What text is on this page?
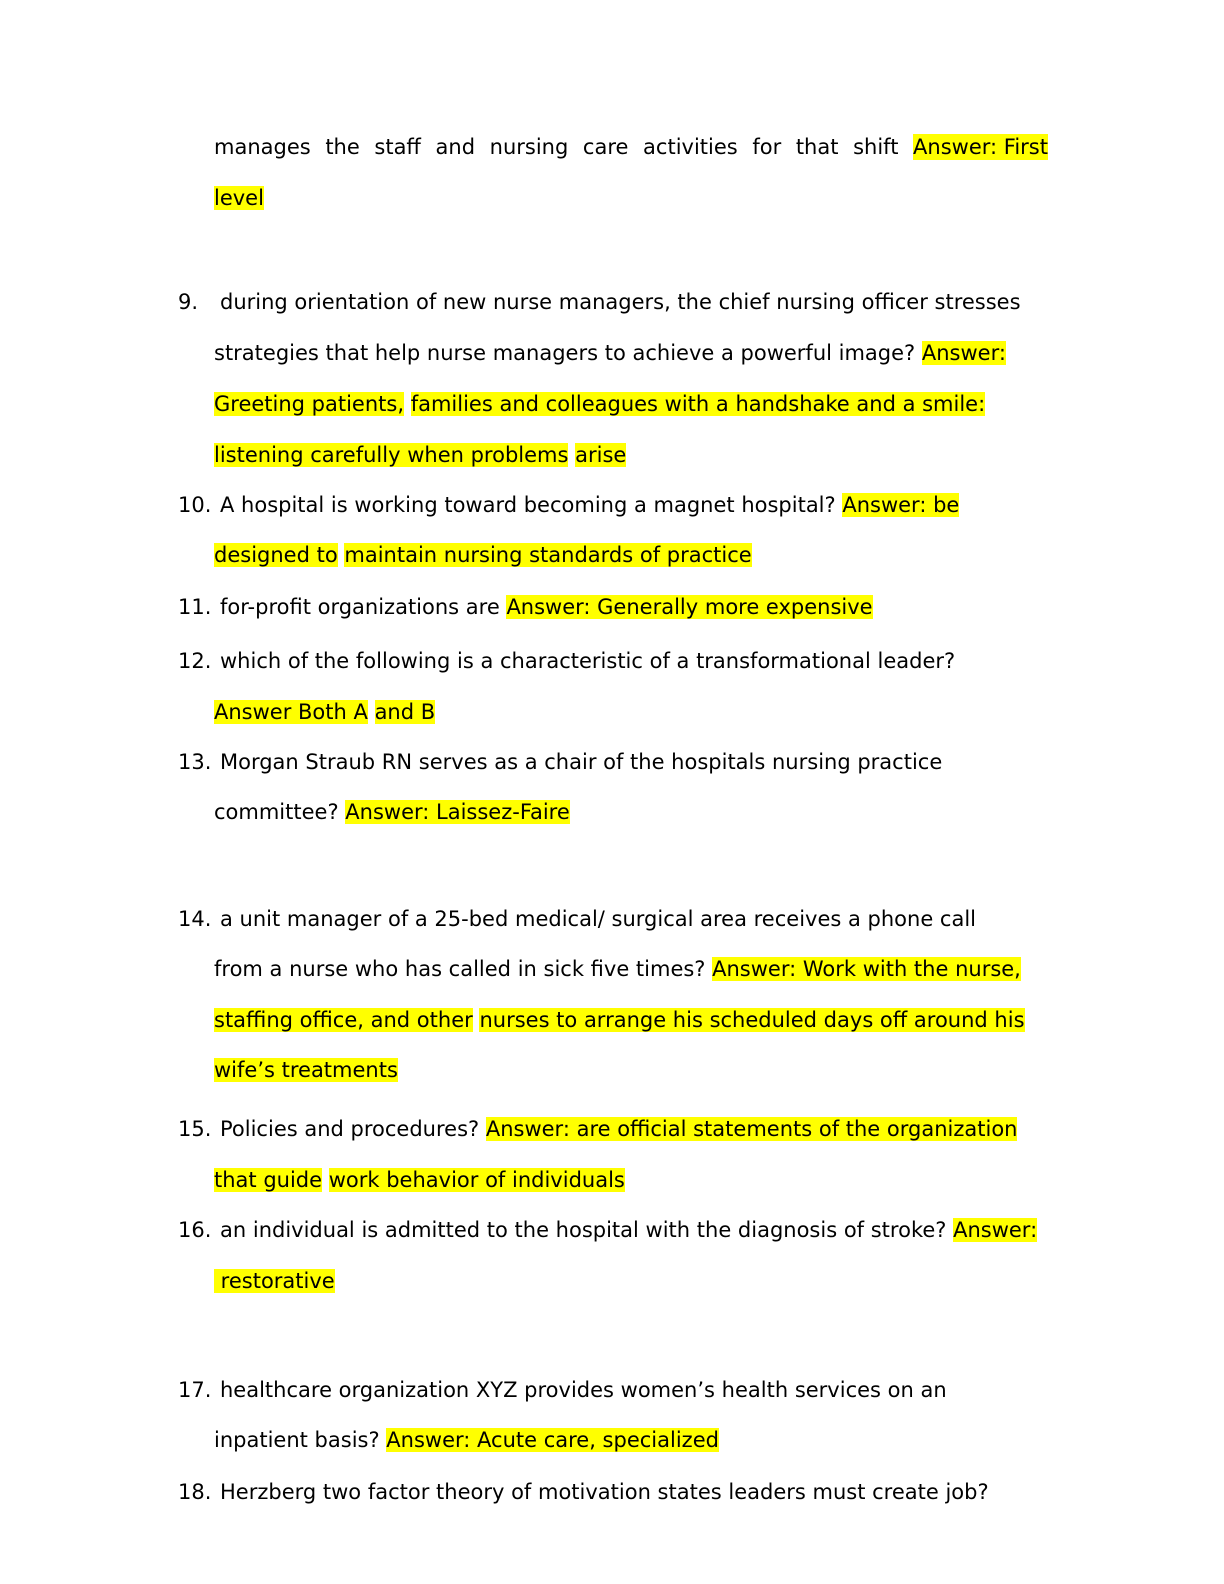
manages the staff and nursing care activities for that shift Answer: First
level
9. during orientation of new nurse managers, the chief nursing officer stresses
strategies that help nurse managers to achieve a powerful image? Answer:
Greeting patients, families and colleagues with a handshake and a smile:
listening carefully when problems arise
10. A hospital is working toward becoming a magnet hospital? Answer: be
designed to maintain nursing standards of practice
11. for-profit organizations are Answer: Generally more expensive
12. which of the following is a characteristic of a transformational leader?
Answer Both A and B
13. Morgan Straub RN serves as a chair of the hospitals nursing practice
committee? Answer: Laissez-Faire
14. a unit manager of a 25-bed medical/ surgical area receives a phone call
from a nurse who has called in sick five times? Answer: Work with the nurse,
staffing office, and other nurses to arrange his scheduled days off around his
wife’s treatments
15. Policies and procedures? Answer: are official statements of the organization
that guide work behavior of individuals
16. an individual is admitted to the hospital with the diagnosis of stroke? Answer:
restorative
17. healthcare organization XYZ provides women’s health services on an
inpatient basis? Answer: Acute care, specialized
18. Herzberg two factor theory of motivation states leaders must create job?
